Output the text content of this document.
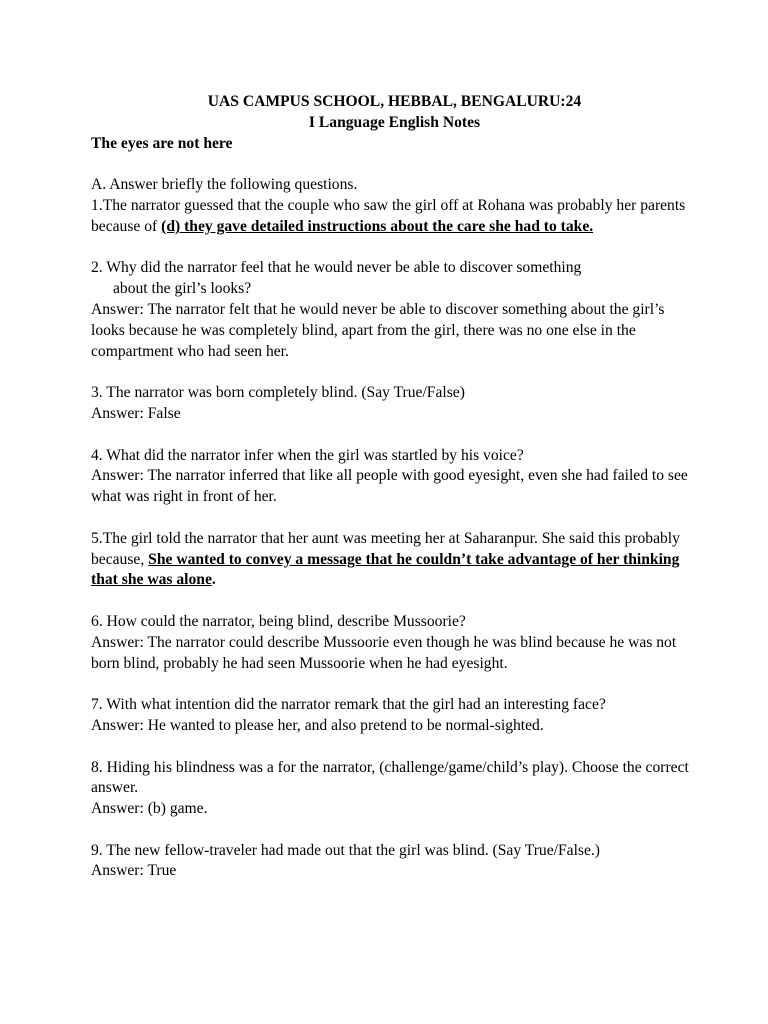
UAS CAMPUS SCHOOL, HEBBAL, BENGALURU:24
I Language English Notes
The eyes are not here
A. Answer briefly the following questions.

1.The narrator guessed that the couple who saw the girl off at Rohana was probably her parents because of (d) they gave detailed instructions about the care she had to take.

2. Why did the narrator feel that he would never be able to discover something
about the girl’s looks?
Answer: The narrator felt that he would never be able to discover something about the girl’s looks because he was completely blind, apart from the girl, there was no one else in the compartment who had seen her.

3. The narrator was born completely blind. (Say True/False)
Answer: False

4. What did the narrator infer when the girl was startled by his voice?
Answer: The narrator inferred that like all people with good eyesight, even she had failed to see what was right in front of her.

5.The girl told the narrator that her aunt was meeting her at Saharanpur. She said this probably because, She wanted to convey a message that he couldn’t take advantage of her thinking that she was alone.

6. How could the narrator, being blind, describe Mussoorie?
Answer: The narrator could describe Mussoorie even though he was blind because he was not born blind, probably he had seen Mussoorie when he had eyesight.

7. With what intention did the narrator remark that the girl had an interesting face?
Answer: He wanted to please her, and also pretend to be normal-sighted.

8. Hiding his blindness was a for the narrator, (challenge/game/child’s play). Choose the correct answer.
Answer: (b) game.

9. The new fellow-traveler had made out that the girl was blind. (Say True/False.)
Answer: True
